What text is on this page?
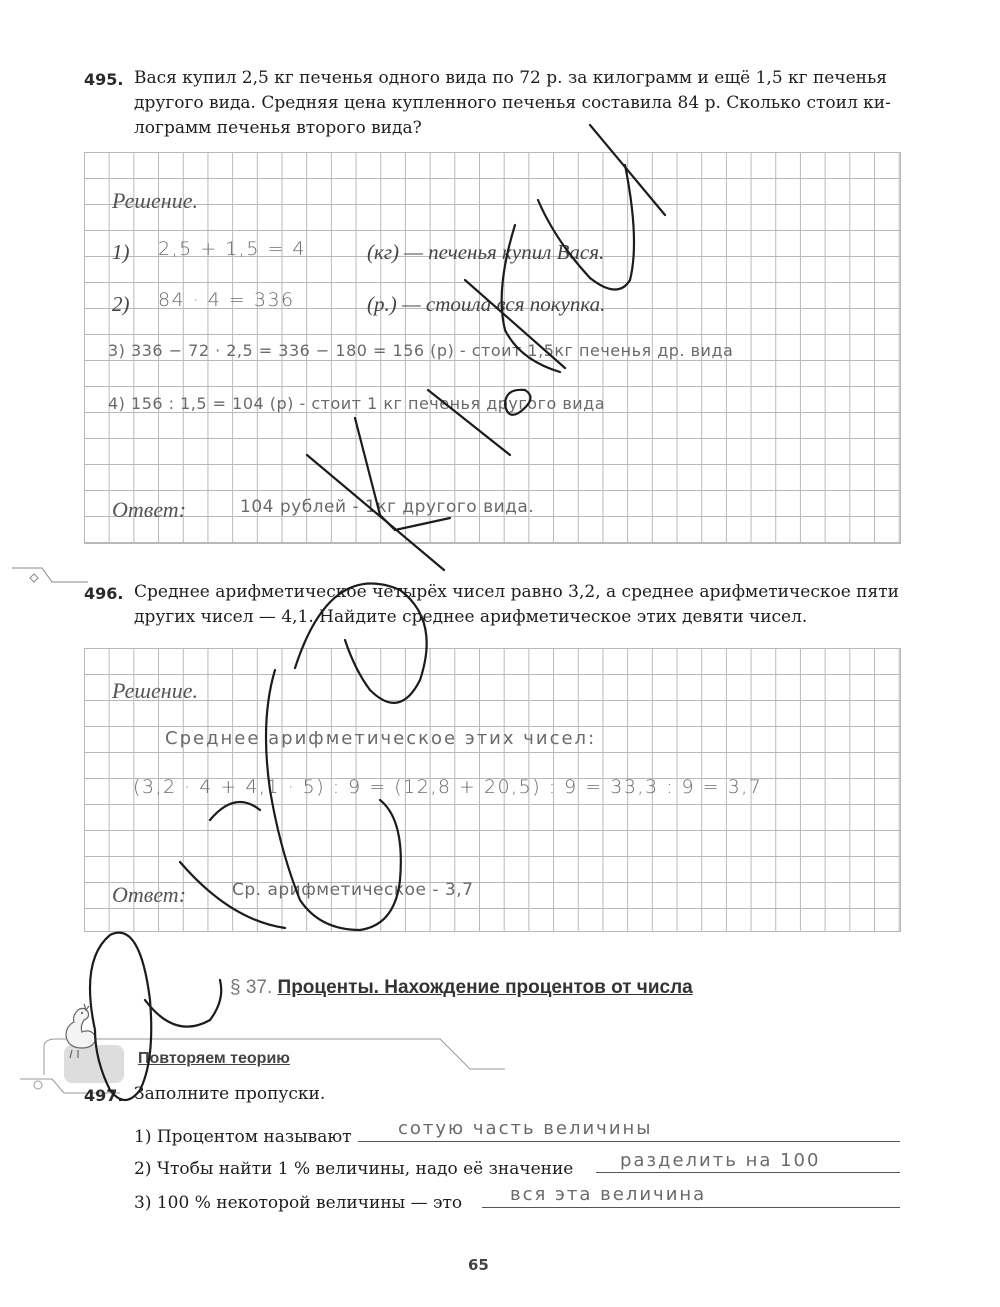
495. Вася купил 2,5 кг печенья одного вида по 72 р. за килограмм и ещё 1,5 кг печенья
другого вида. Средняя цена купленного печенья составила 84 р. Сколько стоил ки-
лограмм печенья второго вида?
Решение.
1) 2,5 + 1,5 = 4	(кг) — печенья купил Вася.
2) 84 · 4 = 336	(р.) — стоила вся покупка.
3) 336 − 72 · 2,5 = 336 − 180 = 156 (р) - стоит 1,5кг печенья др. вида
4) 156 : 1,5 = 104 (р) - стоит 1 кг печенья другого вида
Ответ:	104 рублей - 1кг другого вида.
496. Среднее арифметическое четырёх чисел равно 3,2, а среднее арифметическое пяти
других чисел — 4,1. Найдите среднее арифметическое этих девяти чисел.
Решение.
Среднее арифметическое этих чисел:
(3,2 · 4 + 4,1 · 5) : 9 = (12,8 + 20,5) : 9 = 33,3 : 9 = 3,7
Ответ:	Ср. арифметическое - 3,7
§ 37. Проценты. Нахождение процентов от числа
Повторяем теорию
497. Заполните пропуски.
1) Процентом называют	сотую часть величины
2) Чтобы найти 1 % величины, надо её значение	разделить на 100
3) 100 % некоторой величины — это	вся эта величина
65
